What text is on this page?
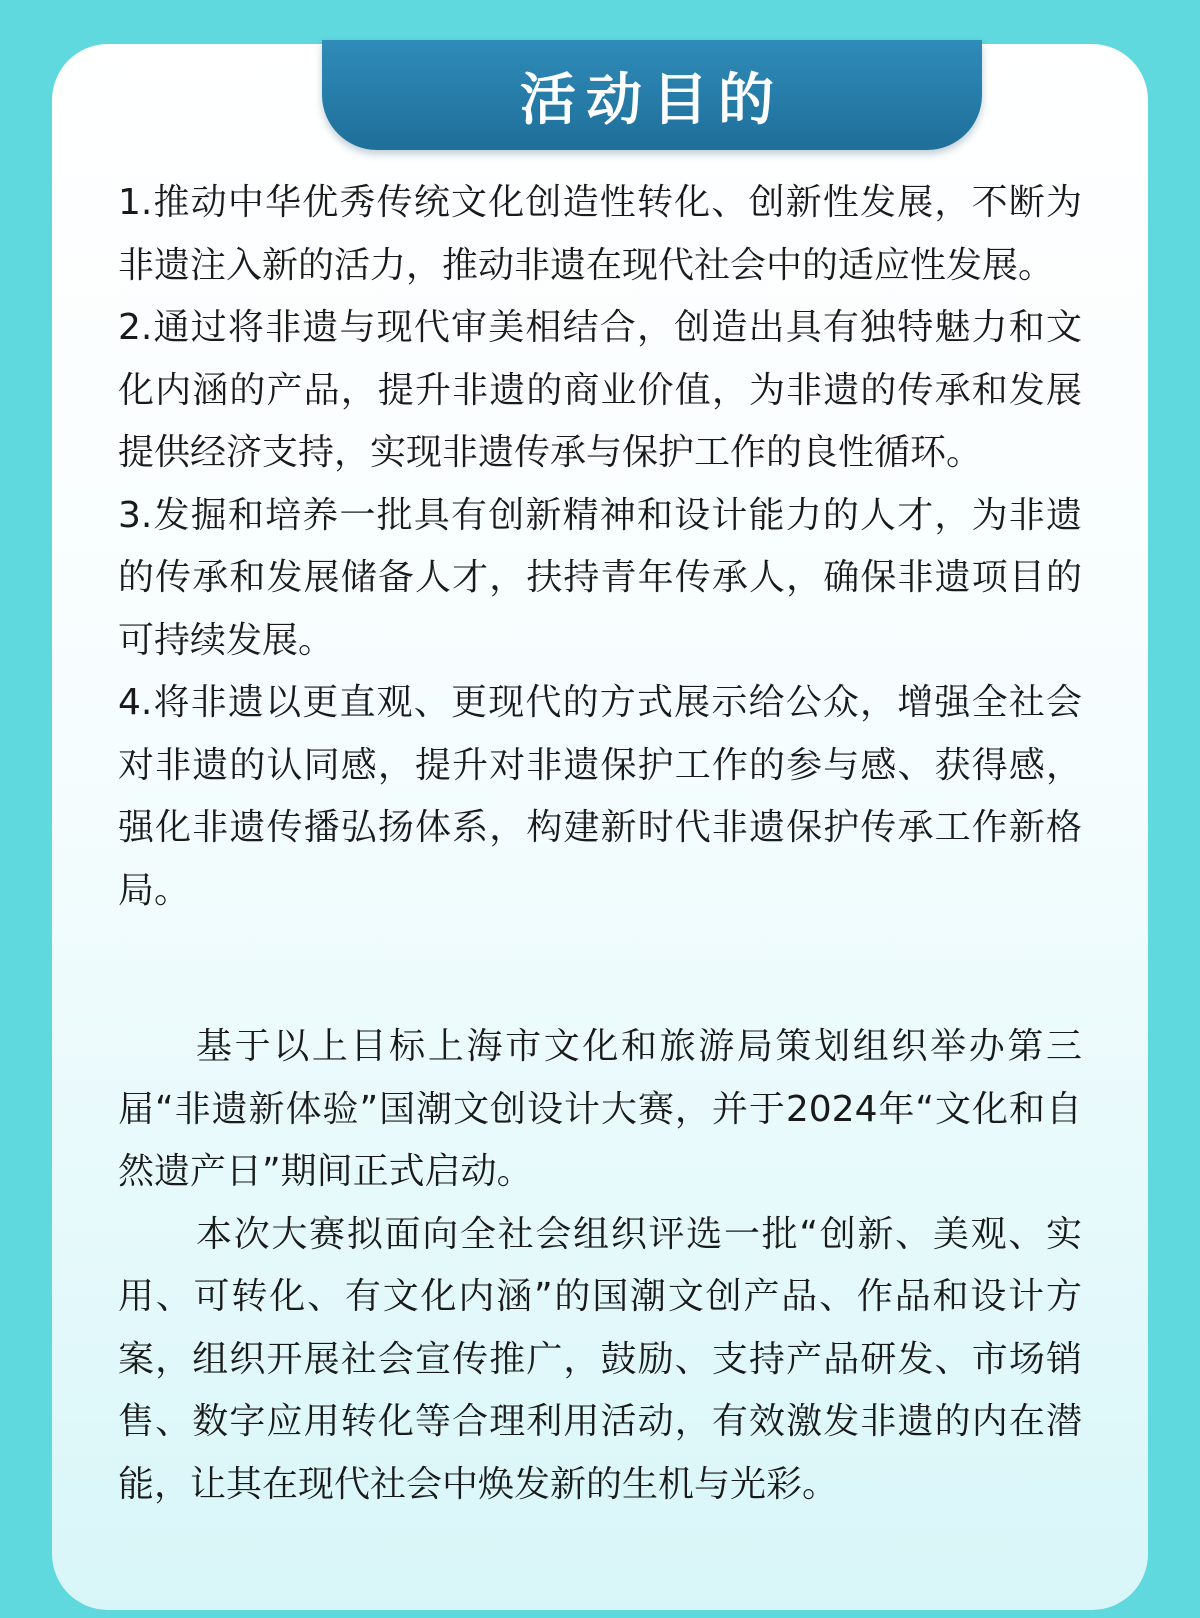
活动目的

1.推动中华优秀传统文化创造性转化、创新性发展，不断为非遗注入新的活力，推动非遗在现代社会中的适应性发展。

2.通过将非遗与现代审美相结合，创造出具有独特魅力和文化内涵的产品，提升非遗的商业价值，为非遗的传承和发展提供经济支持，实现非遗传承与保护工作的良性循环。

3.发掘和培养一批具有创新精神和设计能力的人才，为非遗的传承和发展储备人才，扶持青年传承人，确保非遗项目的可持续发展。

4.将非遗以更直观、更现代的方式展示给公众，增强全社会对非遗的认同感，提升对非遗保护工作的参与感、获得感，强化非遗传播弘扬体系，构建新时代非遗保护传承工作新格局。

基于以上目标上海市文化和旅游局策划组织举办第三届“非遗新体验”国潮文创设计大赛，并于2024年“文化和自然遗产日”期间正式启动。

本次大赛拟面向全社会组织评选一批“创新、美观、实用、可转化、有文化内涵”的国潮文创产品、作品和设计方案，组织开展社会宣传推广，鼓励、支持产品研发、市场销售、数字应用转化等合理利用活动，有效激发非遗的内在潜能，让其在现代社会中焕发新的生机与光彩。
